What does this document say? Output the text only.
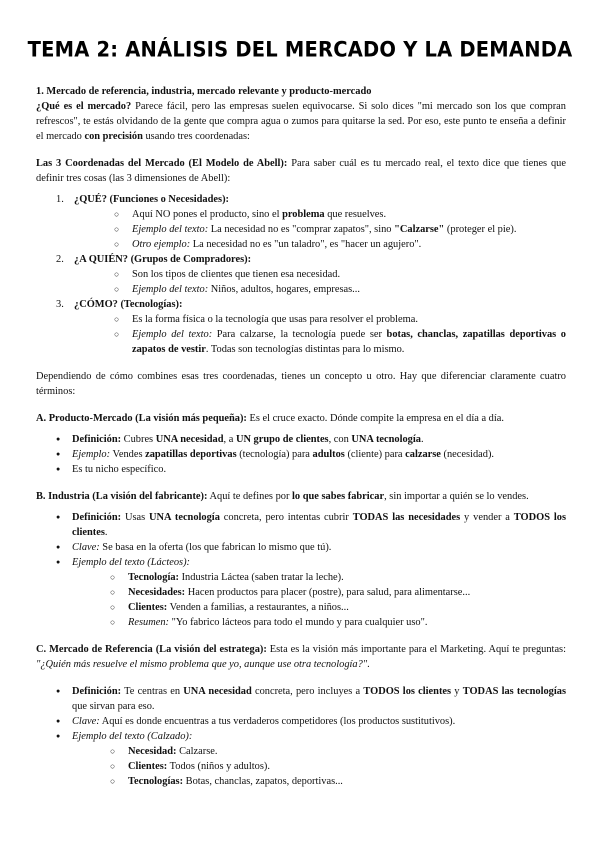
TEMA 2: ANÁLISIS DEL MERCADO Y LA DEMANDA

1. Mercado de referencia, industria, mercado relevante y producto-mercado

¿Qué es el mercado? Parece fácil, pero las empresas suelen equivocarse. Si solo dices "mi mercado son los que compran refrescos", te estás olvidando de la gente que compra agua o zumos para quitarse la sed. Por eso, este punto te enseña a definir el mercado con precisión usando tres coordenadas:

Las 3 Coordenadas del Mercado (El Modelo de Abell): Para saber cuál es tu mercado real, el texto dice que tienes que definir tres cosas (las 3 dimensiones de Abell):

1. ¿QUÉ? (Funciones o Necesidades):
○ Aquí NO pones el producto, sino el problema que resuelves.
○ Ejemplo del texto: La necesidad no es "comprar zapatos", sino "Calzarse" (proteger el pie).
○ Otro ejemplo: La necesidad no es "un taladro", es "hacer un agujero".
2. ¿A QUIÉN? (Grupos de Compradores):
○ Son los tipos de clientes que tienen esa necesidad.
○ Ejemplo del texto: Niños, adultos, hogares, empresas...
3. ¿CÓMO? (Tecnologías):
○ Es la forma física o la tecnología que usas para resolver el problema.
○ Ejemplo del texto: Para calzarse, la tecnología puede ser botas, chanclas, zapatillas deportivas o zapatos de vestir. Todas son tecnologías distintas para lo mismo.

Dependiendo de cómo combines esas tres coordenadas, tienes un concepto u otro. Hay que diferenciar claramente cuatro términos:

A. Producto-Mercado (La visión más pequeña): Es el cruce exacto. Dónde compite la empresa en el día a día.

● Definición: Cubres UNA necesidad, a UN grupo de clientes, con UNA tecnología.
● Ejemplo: Vendes zapatillas deportivas (tecnología) para adultos (cliente) para calzarse (necesidad).
● Es tu nicho específico.

B. Industria (La visión del fabricante): Aquí te defines por lo que sabes fabricar, sin importar a quién se lo vendes.

● Definición: Usas UNA tecnología concreta, pero intentas cubrir TODAS las necesidades y vender a TODOS los clientes.
● Clave: Se basa en la oferta (los que fabrican lo mismo que tú).
● Ejemplo del texto (Lácteos):
○ Tecnología: Industria Láctea (saben tratar la leche).
○ Necesidades: Hacen productos para placer (postre), para salud, para alimentarse...
○ Clientes: Venden a familias, a restaurantes, a niños...
○ Resumen: "Yo fabrico lácteos para todo el mundo y para cualquier uso".

C. Mercado de Referencia (La visión del estratega): Esta es la visión más importante para el Marketing. Aquí te preguntas: "¿Quién más resuelve el mismo problema que yo, aunque use otra tecnología?".

● Definición: Te centras en UNA necesidad concreta, pero incluyes a TODOS los clientes y TODAS las tecnologías que sirvan para eso.
● Clave: Aquí es donde encuentras a tus verdaderos competidores (los productos sustitutivos).
● Ejemplo del texto (Calzado):
○ Necesidad: Calzarse.
○ Clientes: Todos (niños y adultos).
○ Tecnologías: Botas, chanclas, zapatos, deportivas...
